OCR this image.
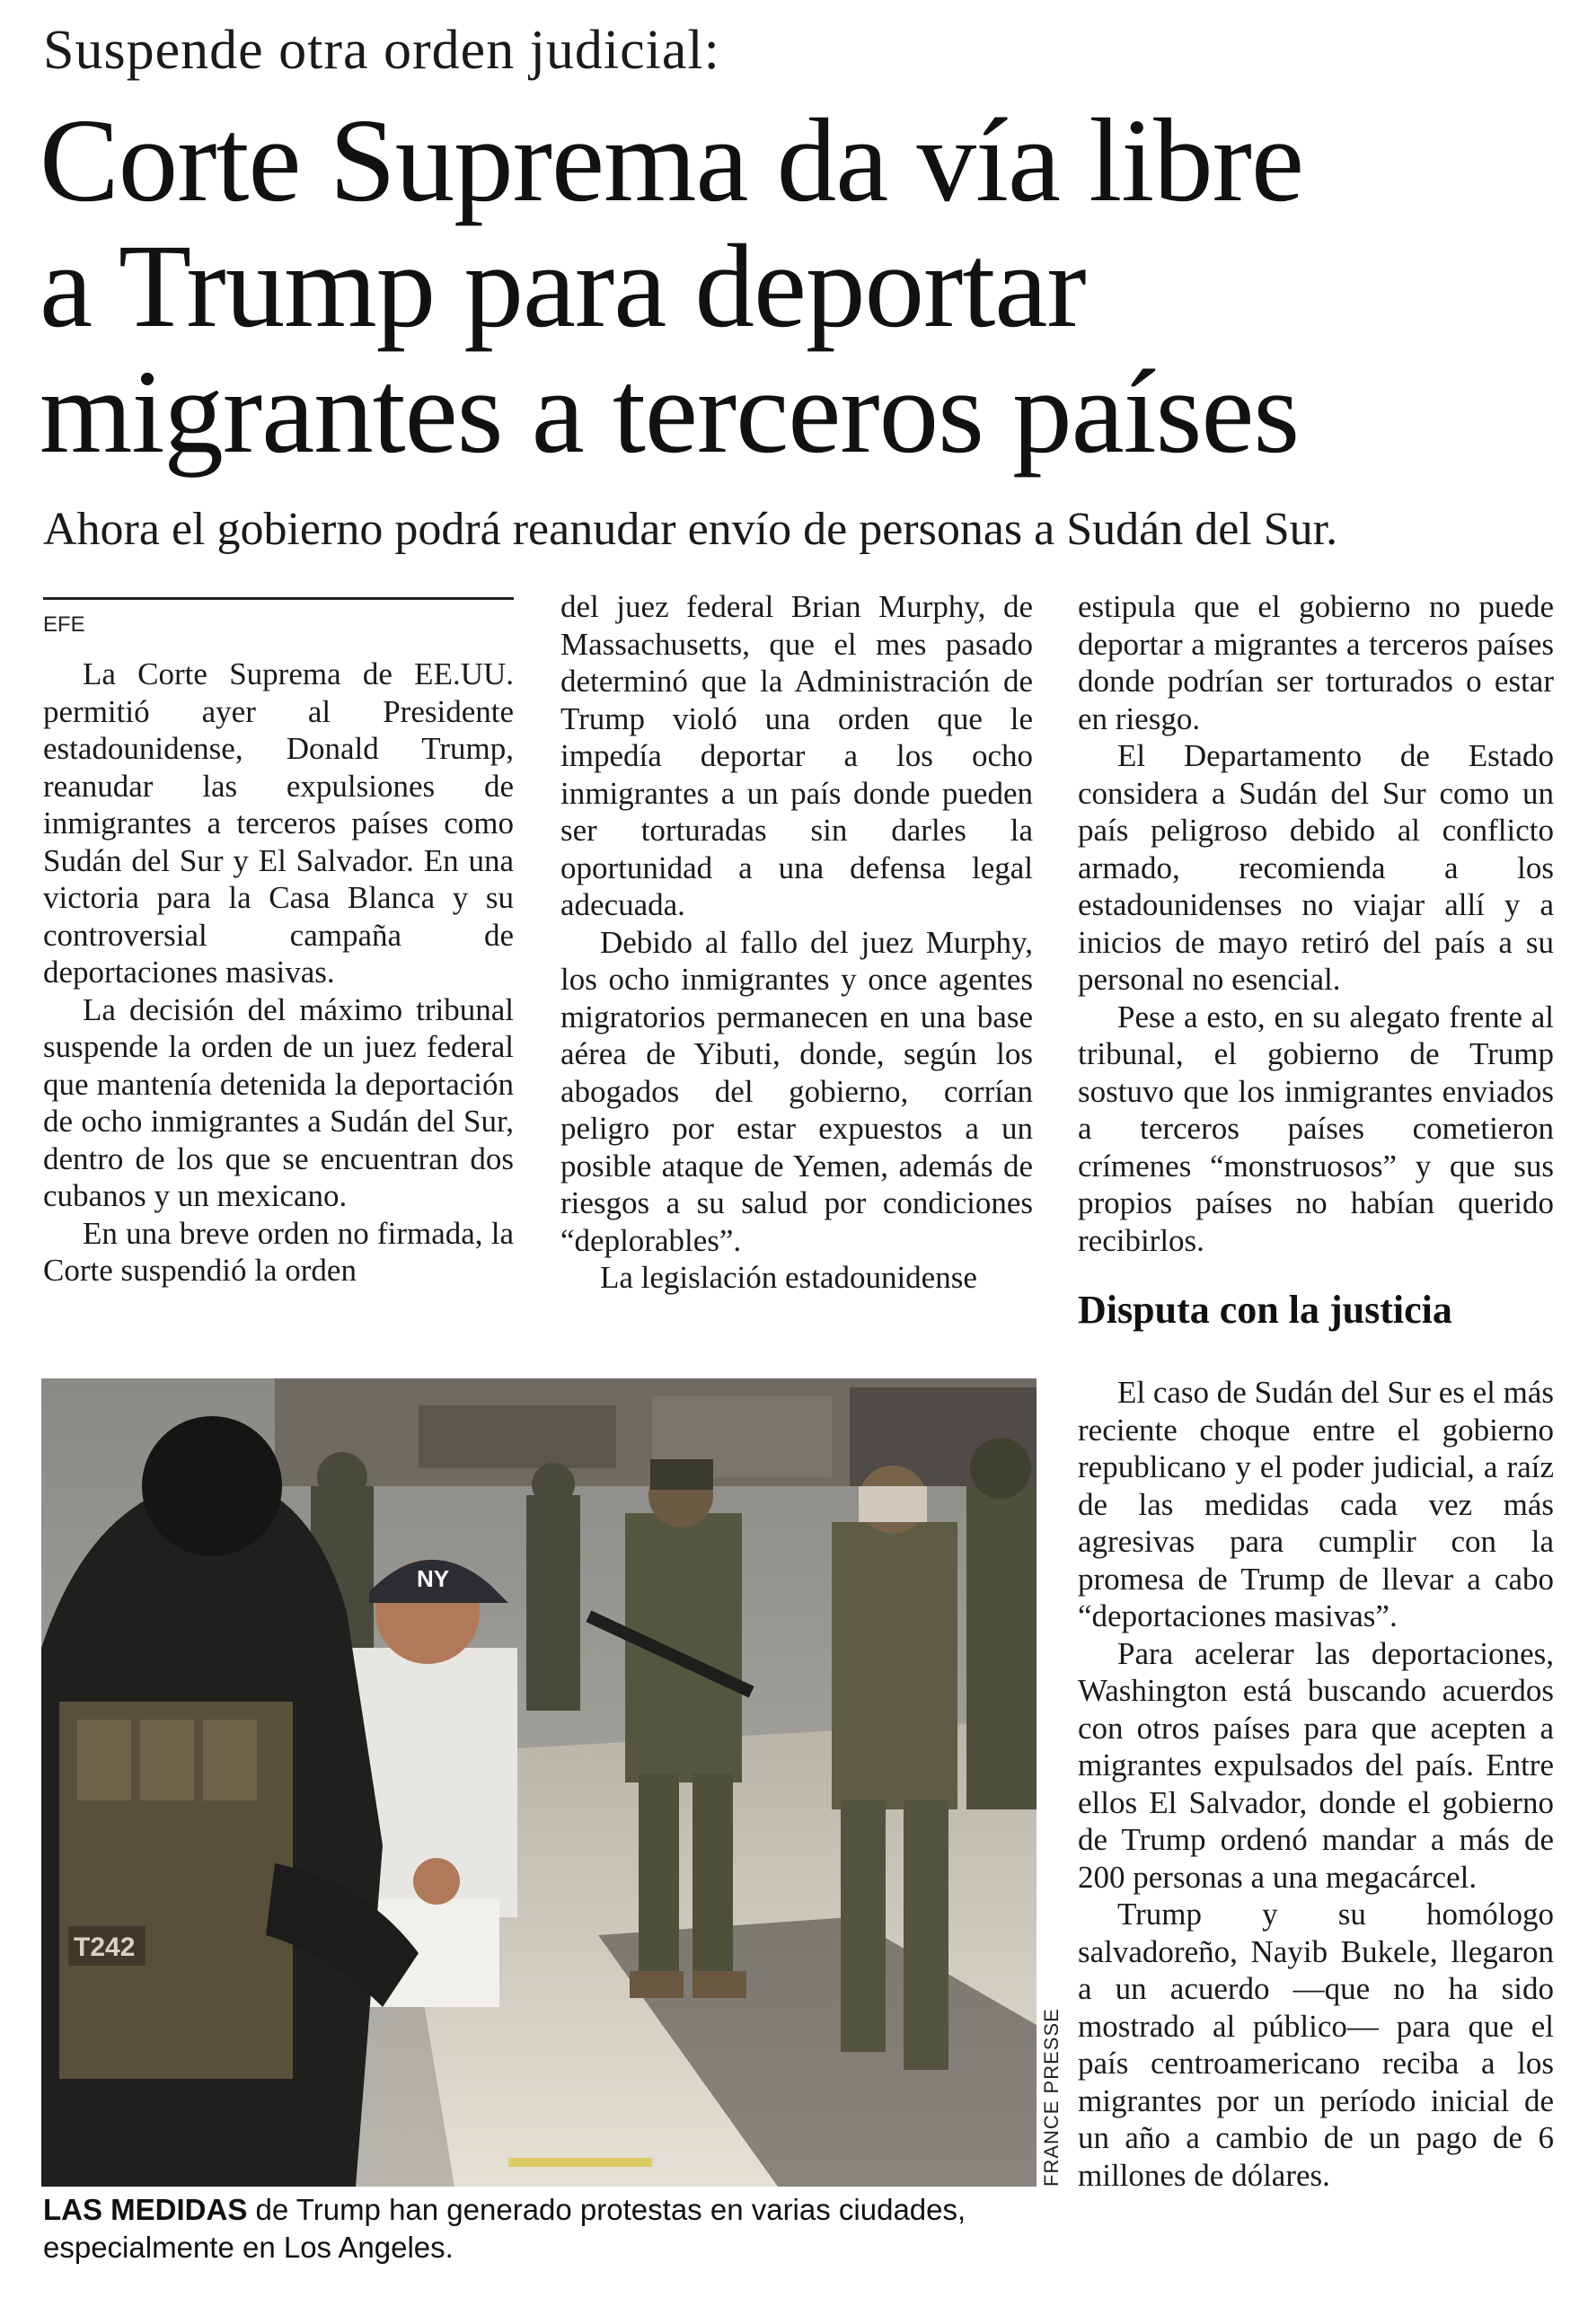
Suspende otra orden judicial:
Corte Suprema da vía libre
a Trump para deportar
migrantes a terceros países
Ahora el gobierno podrá reanudar envío de personas a Sudán del Sur.
EFE

La Corte Suprema de EE.UU. permitió ayer al Presidente estadounidense, Donald Trump, reanudar las expulsiones de inmigrantes a terceros países como Sudán del Sur y El Salvador. En una victoria para la Casa Blanca y su controversial campaña de deportaciones masivas.

La decisión del máximo tribunal suspende la orden de un juez federal que mantenía detenida la deportación de ocho inmigrantes a Sudán del Sur, dentro de los que se encuentran dos cubanos y un mexicano.

En una breve orden no firmada, la Corte suspendió la orden

del juez federal Brian Murphy, de Massachusetts, que el mes pasado determinó que la Administración de Trump violó una orden que le impedía deportar a los ocho inmigrantes a un país donde pueden ser torturadas sin darles la oportunidad a una defensa legal adecuada.

Debido al fallo del juez Murphy, los ocho inmigrantes y once agentes migratorios permanecen en una base aérea de Yibuti, donde, según los abogados del gobierno, corrían peligro por estar expuestos a un posible ataque de Yemen, además de riesgos a su salud por condiciones “deplorables”.

La legislación estadounidense

estipula que el gobierno no puede deportar a migrantes a terceros países donde podrían ser torturados o estar en riesgo.

El Departamento de Estado considera a Sudán del Sur como un país peligroso debido al conflicto armado, recomienda a los estadounidenses no viajar allí y a inicios de mayo retiró del país a su personal no esencial.

Pese a esto, en su alegato frente al tribunal, el gobierno de Trump sostuvo que los inmigrantes enviados a terceros países cometieron crímenes “monstruosos” y que sus propios países no habían querido recibirlos.

Disputa con la justicia

El caso de Sudán del Sur es el más reciente choque entre el gobierno republicano y el poder judicial, a raíz de las medidas cada vez más agresivas para cumplir con la promesa de Trump de llevar a cabo “deportaciones masivas”.

Para acelerar las deportaciones, Washington está buscando acuerdos con otros países para que acepten a migrantes expulsados del país. Entre ellos El Salvador, donde el gobierno de Trump ordenó mandar a más de 200 personas a una megacárcel.

Trump y su homólogo salvadoreño, Nayib Bukele, llegaron a un acuerdo —que no ha sido mostrado al público— para que el país centroamericano reciba a los migrantes por un período inicial de un año a cambio de un pago de 6 millones de dólares.

NY
T242
FRANCE PRESSE
LAS MEDIDAS de Trump han generado protestas en varias ciudades, especialmente en Los Angeles.
